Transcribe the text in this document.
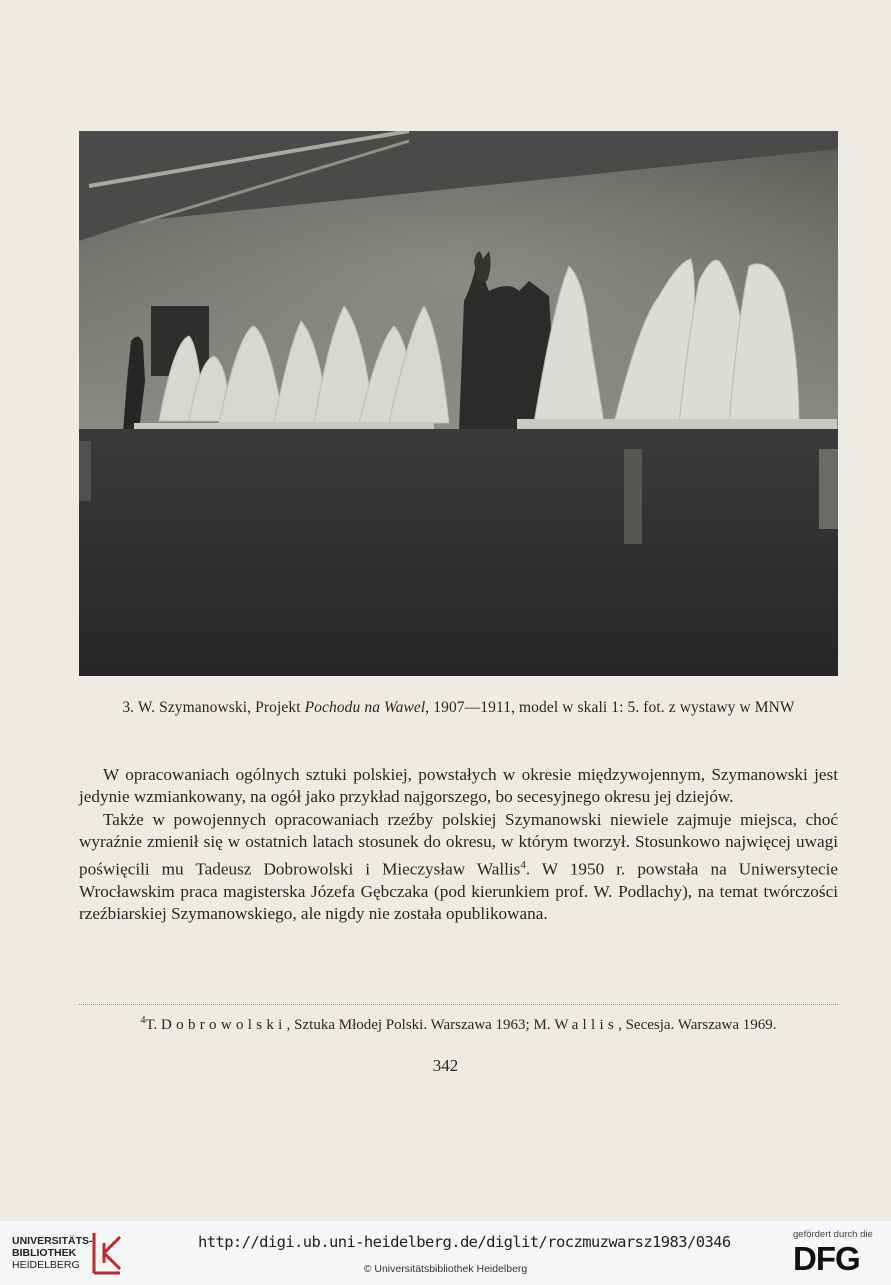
3. W. Szymanowski, Projekt Pochodu na Wawel, 1907—1911, model w skali 1: 5. fot. z wystawy w MNW

W opracowaniach ogólnych sztuki polskiej, powstałych w okresie międzywojennym, Szymanowski jest jedynie wzmiankowany, na ogół jako przykład najgorszego, bo secesyjnego okresu jej dziejów.

Także w powojennych opracowaniach rzeźby polskiej Szymanowski niewiele zajmuje miejsca, choć wyraźnie zmienił się w ostatnich latach stosunek do okresu, w którym tworzył. Stosunkowo najwięcej uwagi poświęcili mu Tadeusz Dobrowolski i Mieczysław Wallis$^4$. W 1950 r. powstała na Uniwersytecie Wrocławskim praca magisterska Józefa Gębczaka (pod kierunkiem prof. W. Podlachy), na temat twórczości rzeźbiarskiej Szymanowskiego, ale nigdy nie została opublikowana.

$^4$T. Dobrowolski, Sztuka Młodej Polski. Warszawa 1963; M. Wallis, Secesja. Warszawa 1969.
342
UNIVERSITÄTS-
BIBLIOTHEK
HEIDELBERG
http://digi.ub.uni-heidelberg.de/diglit/roczmuzwarsz1983/0346
© Universitätsbibliothek Heidelberg
gefördert durch die
DFG
